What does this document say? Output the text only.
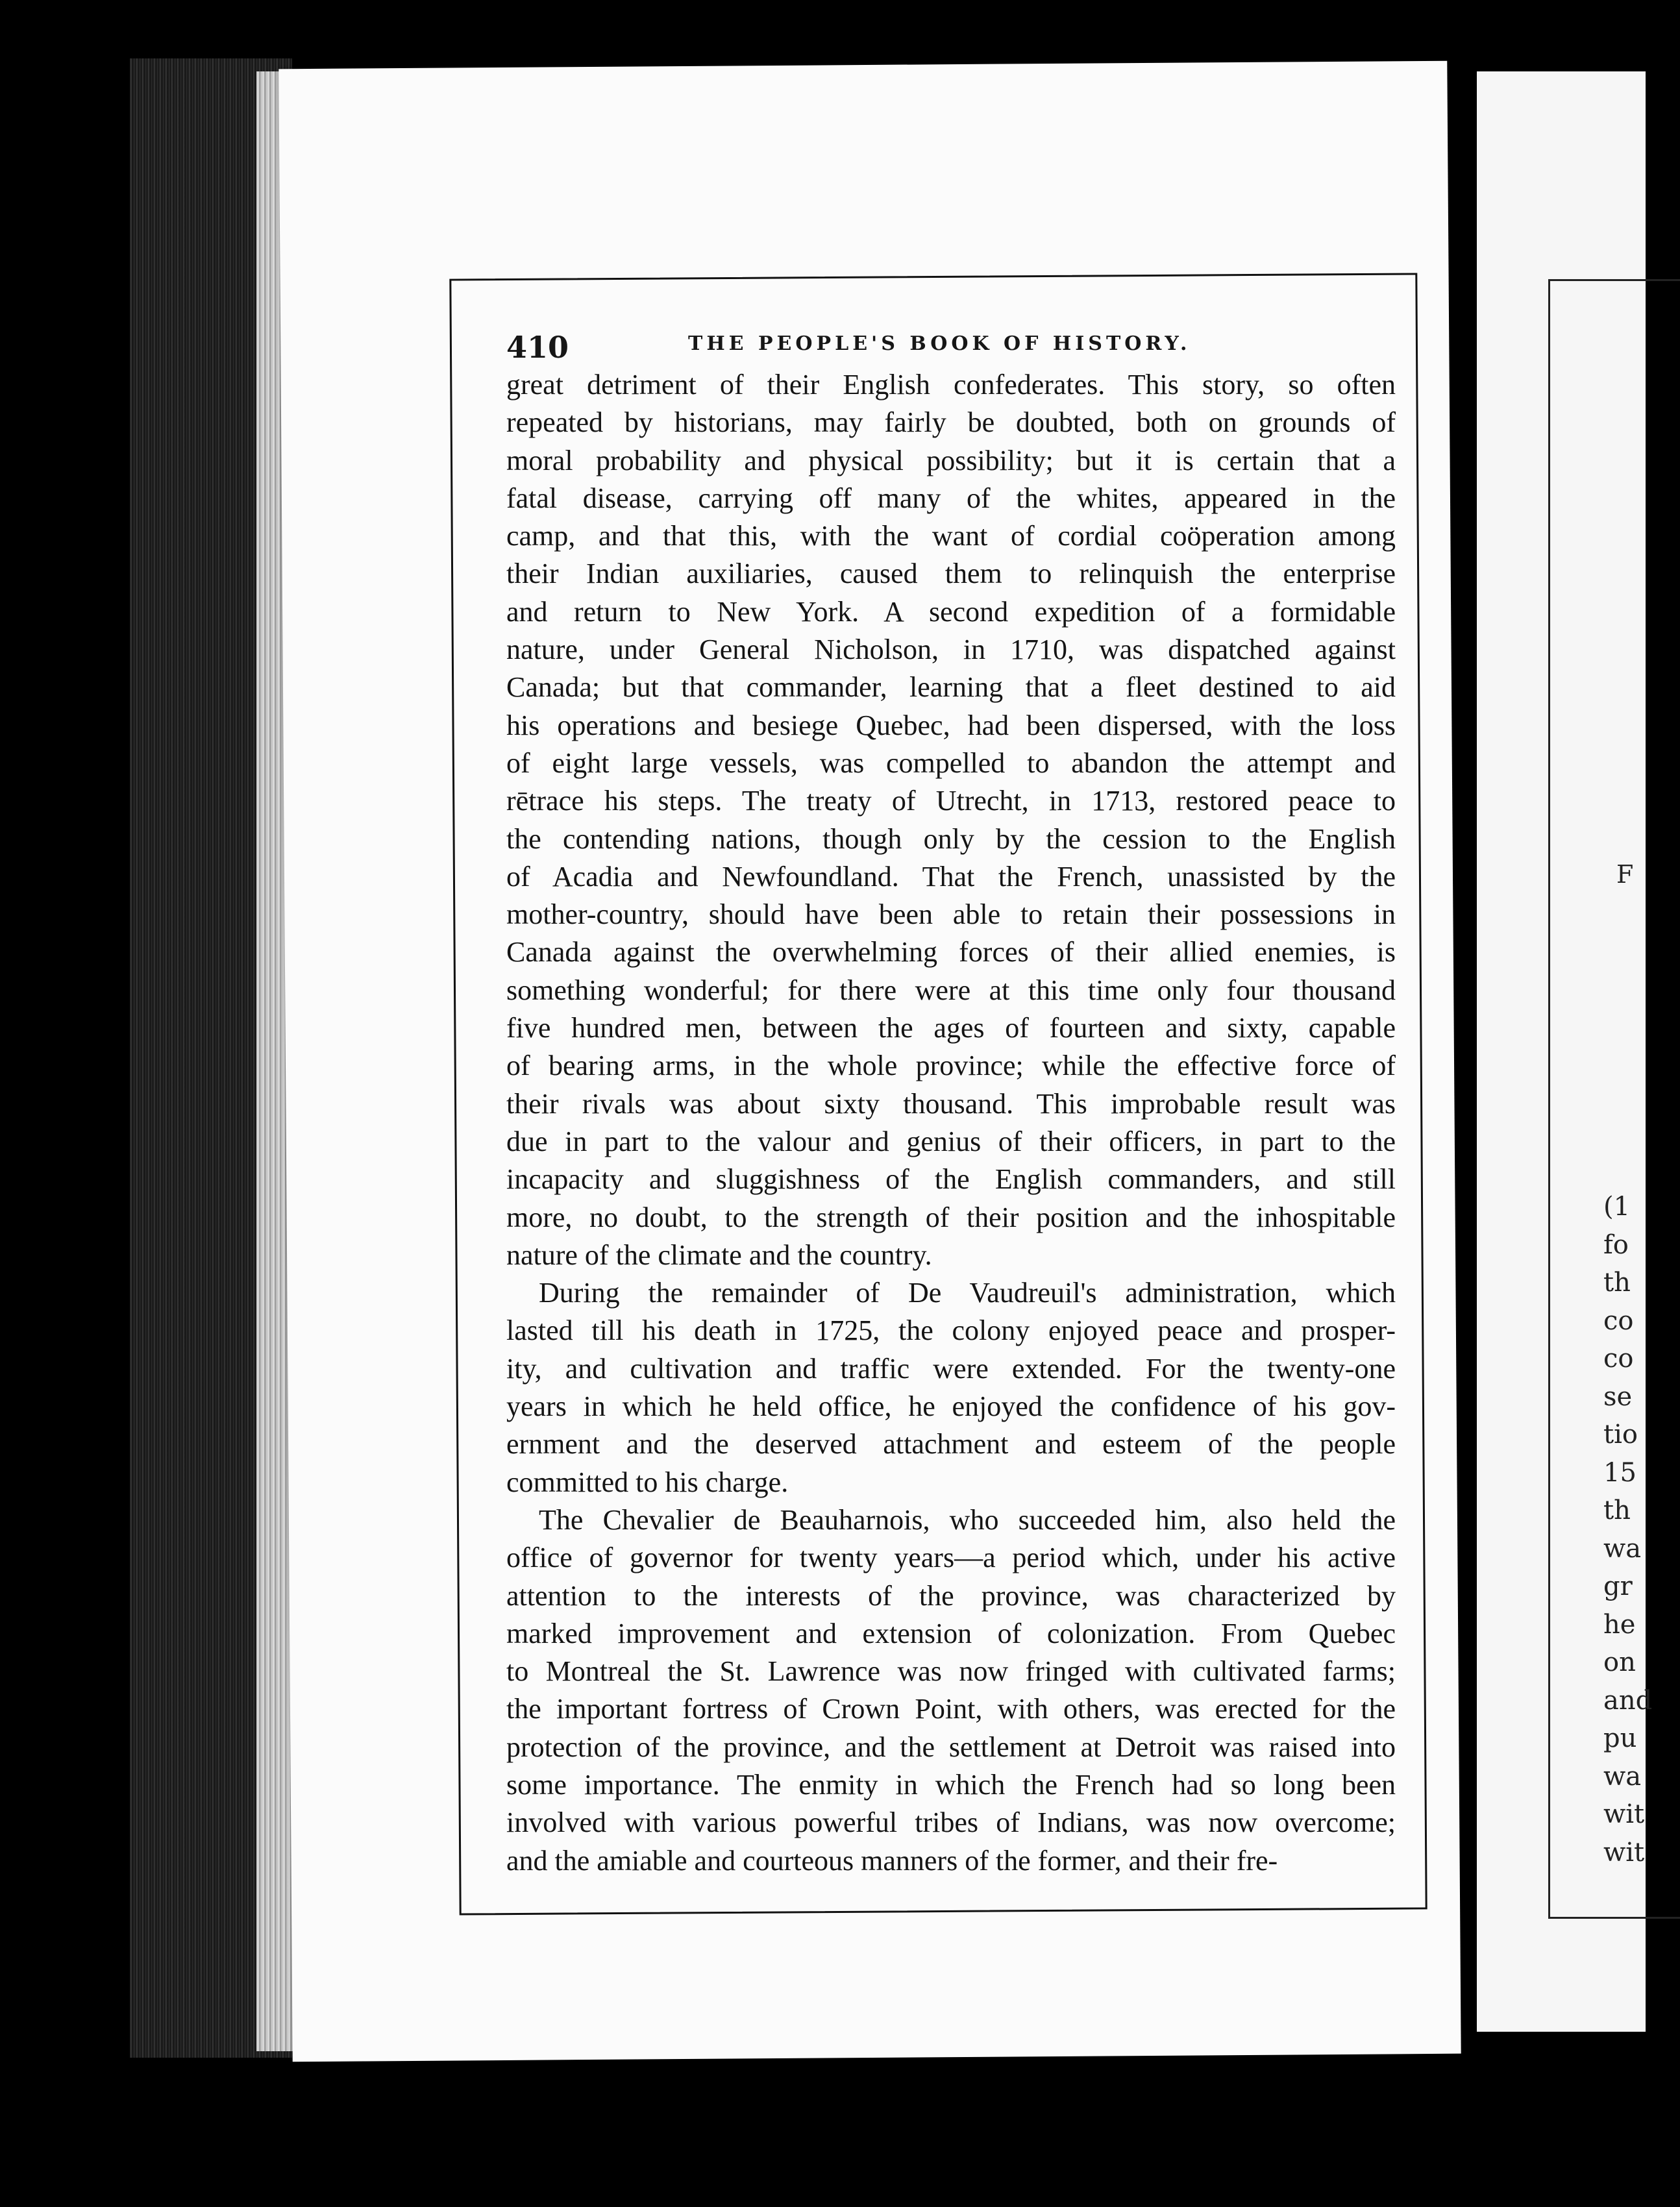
F
(1
fo
th
co
co
se
tio
15
th
wa
gr
he
on
and
pu
wa
wit
wit
410	THE PEOPLE'S BOOK OF HISTORY.
great detriment of their English confederates. This story, so often
repeated by historians, may fairly be doubted, both on grounds of
moral probability and physical possibility; but it is certain that a
fatal disease, carrying off many of the whites, appeared in the
camp, and that this, with the want of cordial coöperation among
their Indian auxiliaries, caused them to relinquish the enterprise
and return to New York. A second expedition of a formidable
nature, under General Nicholson, in 1710, was dispatched against
Canada; but that commander, learning that a fleet destined to aid
his operations and besiege Quebec, had been dispersed, with the loss
of eight large vessels, was compelled to abandon the attempt and
rētrace his steps. The treaty of Utrecht, in 1713, restored peace to
the contending nations, though only by the cession to the English
of Acadia and Newfoundland. That the French, unassisted by the
mother-country, should have been able to retain their possessions in
Canada against the overwhelming forces of their allied enemies, is
something wonderful; for there were at this time only four thousand
five hundred men, between the ages of fourteen and sixty, capable
of bearing arms, in the whole province; while the effective force of
their rivals was about sixty thousand. This improbable result was
due in part to the valour and genius of their officers, in part to the
incapacity and sluggishness of the English commanders, and still
more, no doubt, to the strength of their position and the inhospitable
nature of the climate and the country.
During the remainder of De Vaudreuil's administration, which
lasted till his death in 1725, the colony enjoyed peace and prosper-
ity, and cultivation and traffic were extended. For the twenty-one
years in which he held office, he enjoyed the confidence of his gov-
ernment and the deserved attachment and esteem of the people
committed to his charge.
The Chevalier de Beauharnois, who succeeded him, also held the
office of governor for twenty years—a period which, under his active
attention to the interests of the province, was characterized by
marked improvement and extension of colonization. From Quebec
to Montreal the St. Lawrence was now fringed with cultivated farms;
the important fortress of Crown Point, with others, was erected for the
protection of the province, and the settlement at Detroit was raised into
some importance. The enmity in which the French had so long been
involved with various powerful tribes of Indians, was now overcome;
and the amiable and courteous manners of the former, and their fre-
